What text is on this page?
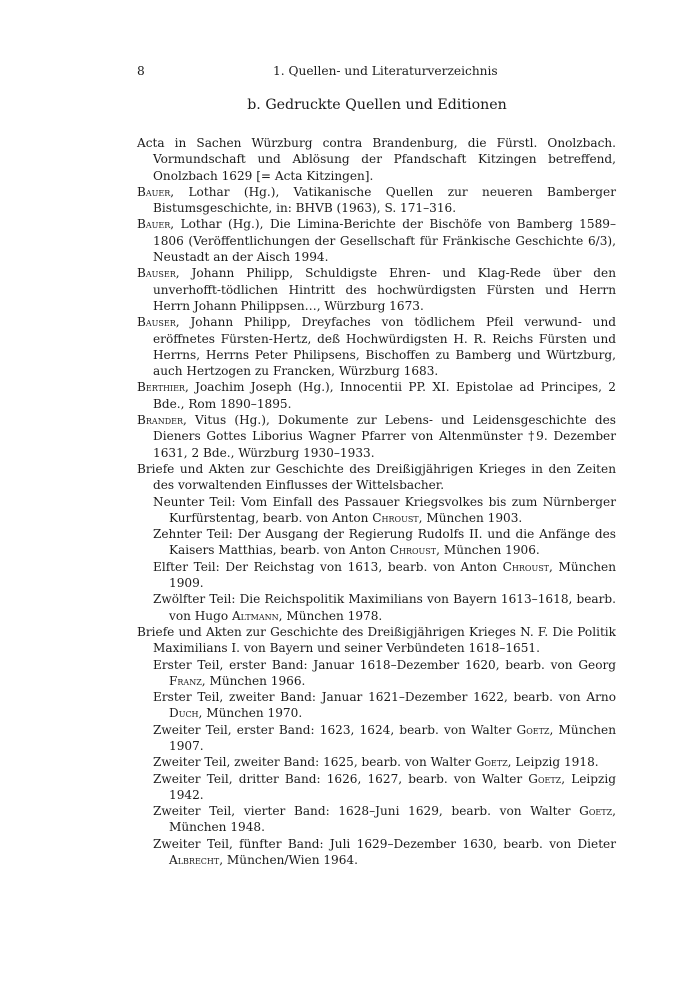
8	1. Quellen- und Literaturverzeichnis
b. Gedruckte Quellen und Editionen
Acta in Sachen Würzburg contra Brandenburg, die Fürstl. Onolzbach. Vormundschaft und Ablösung der Pfandschaft Kitzingen betreffend, Onolzbach 1629 [= Acta Kitzingen].
Bauer, Lothar (Hg.), Vatikanische Quellen zur neueren Bamberger Bistumsgeschichte, in: BHVB (1963), S. 171–316.
Bauer, Lothar (Hg.), Die Limina-Berichte der Bischöfe von Bamberg 1589–1806 (Veröffentlichungen der Gesellschaft für Fränkische Geschichte 6/3), Neustadt an der Aisch 1994.
Bauser, Johann Philipp, Schuldigste Ehren- und Klag-Rede über den unverhofft-tödlichen Hintritt des hochwürdigsten Fürsten und Herrn Herrn Johann Philippsen…, Würzburg 1673.
Bauser, Johann Philipp, Dreyfaches von tödlichem Pfeil verwund- und eröffnetes Fürsten-Hertz, deß Hochwürdigsten H. R. Reichs Fürsten und Herrns, Herrns Peter Philipsens, Bischoffen zu Bamberg und Würtzburg, auch Hertzogen zu Francken, Würzburg 1683.
Berthier, Joachim Joseph (Hg.), Innocentii PP. XI. Epistolae ad Principes, 2 Bde., Rom 1890–1895.
Brander, Vitus (Hg.), Dokumente zur Lebens- und Leidensgeschichte des Dieners Gottes Liborius Wagner Pfarrer von Altenmünster †9. Dezember 1631, 2 Bde., Würzburg 1930–1933.
Briefe und Akten zur Geschichte des Dreißigjährigen Krieges in den Zeiten des vorwaltenden Einflusses der Wittelsbacher.
Neunter Teil: Vom Einfall des Passauer Kriegsvolkes bis zum Nürnberger Kurfürstentag, bearb. von Anton Chroust, München 1903.
Zehnter Teil: Der Ausgang der Regierung Rudolfs II. und die Anfänge des Kaisers Matthias, bearb. von Anton Chroust, München 1906.
Elfter Teil: Der Reichstag von 1613, bearb. von Anton Chroust, München 1909.
Zwölfter Teil: Die Reichspolitik Maximilians von Bayern 1613–1618, bearb. von Hugo Altmann, München 1978.
Briefe und Akten zur Geschichte des Dreißigjährigen Krieges N. F. Die Politik Maximilians I. von Bayern und seiner Verbündeten 1618–1651.
Erster Teil, erster Band: Januar 1618–Dezember 1620, bearb. von Georg Franz, München 1966.
Erster Teil, zweiter Band: Januar 1621–Dezember 1622, bearb. von Arno Duch, München 1970.
Zweiter Teil, erster Band: 1623, 1624, bearb. von Walter Goetz, München 1907.
Zweiter Teil, zweiter Band: 1625, bearb. von Walter Goetz, Leipzig 1918.
Zweiter Teil, dritter Band: 1626, 1627, bearb. von Walter Goetz, Leipzig 1942.
Zweiter Teil, vierter Band: 1628–Juni 1629, bearb. von Walter Goetz, München 1948.
Zweiter Teil, fünfter Band: Juli 1629–Dezember 1630, bearb. von Dieter Albrecht, München/Wien 1964.
